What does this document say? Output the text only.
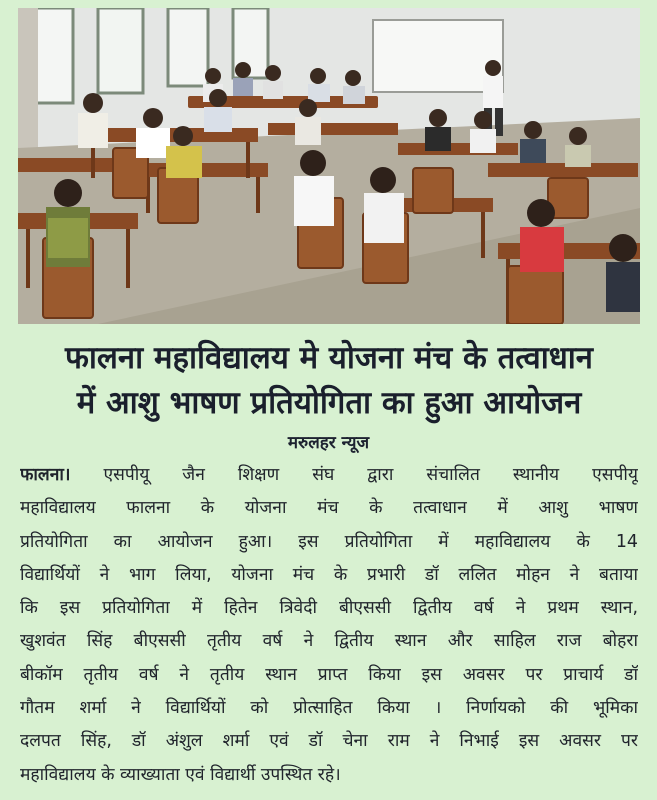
फालना महाविद्यालय मे योजना मंच के तत्वाधान
में आशु भाषण प्रतियोगिता का हुआ आयोजन
मरुलहर न्यूज
फालना। एसपीयू जैन शिक्षण संघ द्वारा संचालित स्थानीय एसपीयू
महाविद्यालय फालना के योजना मंच के तत्वाधान में आशु भाषण
प्रतियोगिता का आयोजन हुआ। इस प्रतियोगिता में महाविद्यालय के 14
विद्यार्थियों ने भाग लिया, योजना मंच के प्रभारी डॉ ललित मोहन ने बताया
कि इस प्रतियोगिता में हितेन त्रिवेदी बीएससी द्वितीय वर्ष ने प्रथम स्थान,
खुशवंत सिंह बीएससी तृतीय वर्ष ने द्वितीय स्थान और साहिल राज बोहरा
बीकॉम तृतीय वर्ष ने तृतीय स्थान प्राप्त किया इस अवसर पर प्राचार्य डॉ
गौतम शर्मा ने विद्यार्थियों को प्रोत्साहित किया । निर्णायको की भूमिका
दलपत सिंह, डॉ अंशुल शर्मा एवं डॉ चेना राम ने निभाई इस अवसर पर
महाविद्यालय के व्याख्याता एवं विद्यार्थी उपस्थित रहे।
